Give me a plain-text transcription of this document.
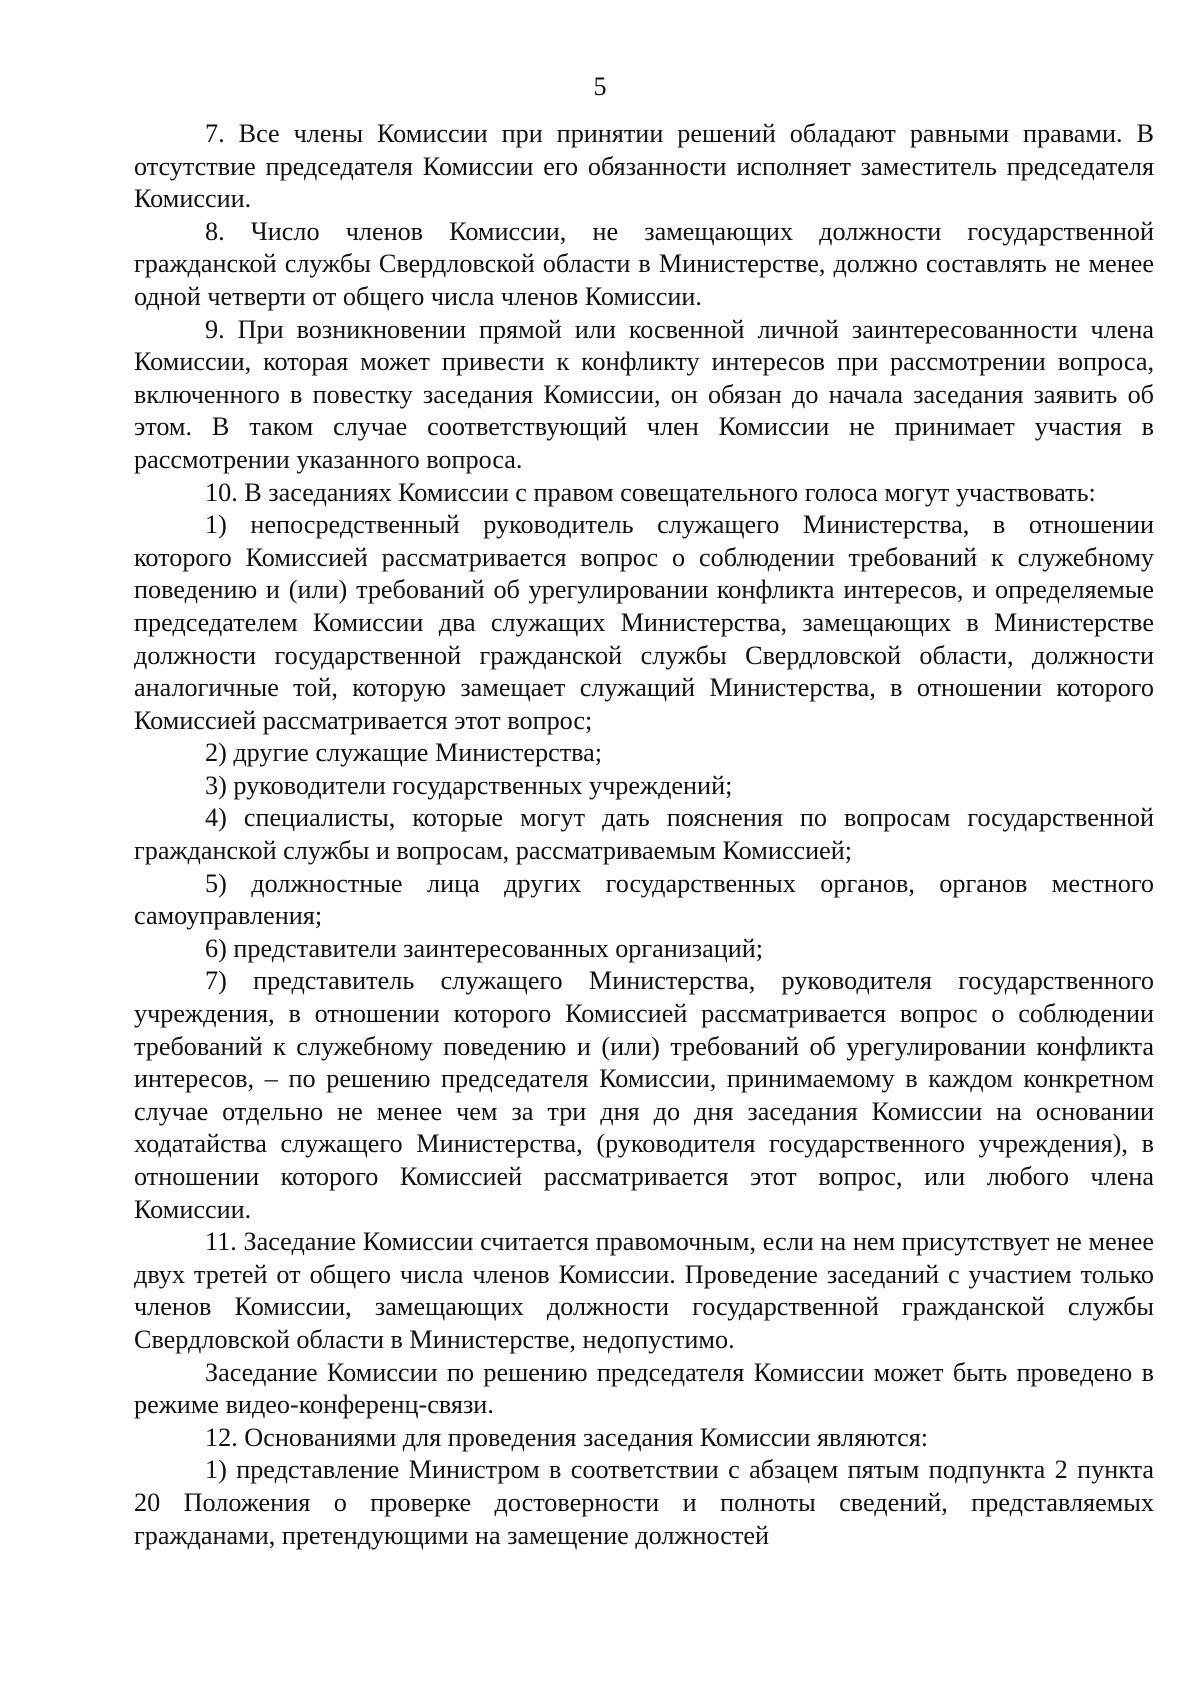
5

7. Все члены Комиссии при принятии решений обладают равными правами. В отсутствие председателя Комиссии его обязанности исполняет заместитель председателя Комиссии.

8. Число членов Комиссии, не замещающих должности государственной гражданской службы Свердловской области в Министерстве, должно составлять не менее одной четверти от общего числа членов Комиссии.

9. При возникновении прямой или косвенной личной заинтересованности члена Комиссии, которая может привести к конфликту интересов при рассмотрении вопроса, включенного в повестку заседания Комиссии, он обязан до начала заседания заявить об этом. В таком случае соответствующий член Комиссии не принимает участия в рассмотрении указанного вопроса.

10. В заседаниях Комиссии с правом совещательного голоса могут участвовать:

1) непосредственный руководитель служащего Министерства, в отношении которого Комиссией рассматривается вопрос о соблюдении требований к служебному поведению и (или) требований об урегулировании конфликта интересов, и определяемые председателем Комиссии два служащих Министерства, замещающих в Министерстве должности государственной гражданской службы Свердловской области, должности аналогичные той, которую замещает служащий Министерства, в отношении которого Комиссией рассматривается этот вопрос;

2) другие служащие Министерства;

3) руководители государственных учреждений;

4) специалисты, которые могут дать пояснения по вопросам государственной гражданской службы и вопросам, рассматриваемым Комиссией;

5) должностные лица других государственных органов, органов местного самоуправления;

6) представители заинтересованных организаций;

7) представитель служащего Министерства, руководителя государственного учреждения, в отношении которого Комиссией рассматривается вопрос о соблюдении требований к служебному поведению и (или) требований об урегулировании конфликта интересов, – по решению председателя Комиссии, принимаемому в каждом конкретном случае отдельно не менее чем за три дня до дня заседания Комиссии на основании ходатайства служащего Министерства, (руководителя государственного учреждения), в отношении которого Комиссией рассматривается этот вопрос, или любого члена Комиссии.

11. Заседание Комиссии считается правомочным, если на нем присутствует не менее двух третей от общего числа членов Комиссии. Проведение заседаний с участием только членов Комиссии, замещающих должности государственной гражданской службы Свердловской области в Министерстве, недопустимо.

Заседание Комиссии по решению председателя Комиссии может быть проведено в режиме видео-конференц-связи.

12. Основаниями для проведения заседания Комиссии являются:

1) представление Министром в соответствии с абзацем пятым подпункта 2 пункта 20 Положения о проверке достоверности и полноты сведений, представляемых гражданами, претендующими на замещение должностей
